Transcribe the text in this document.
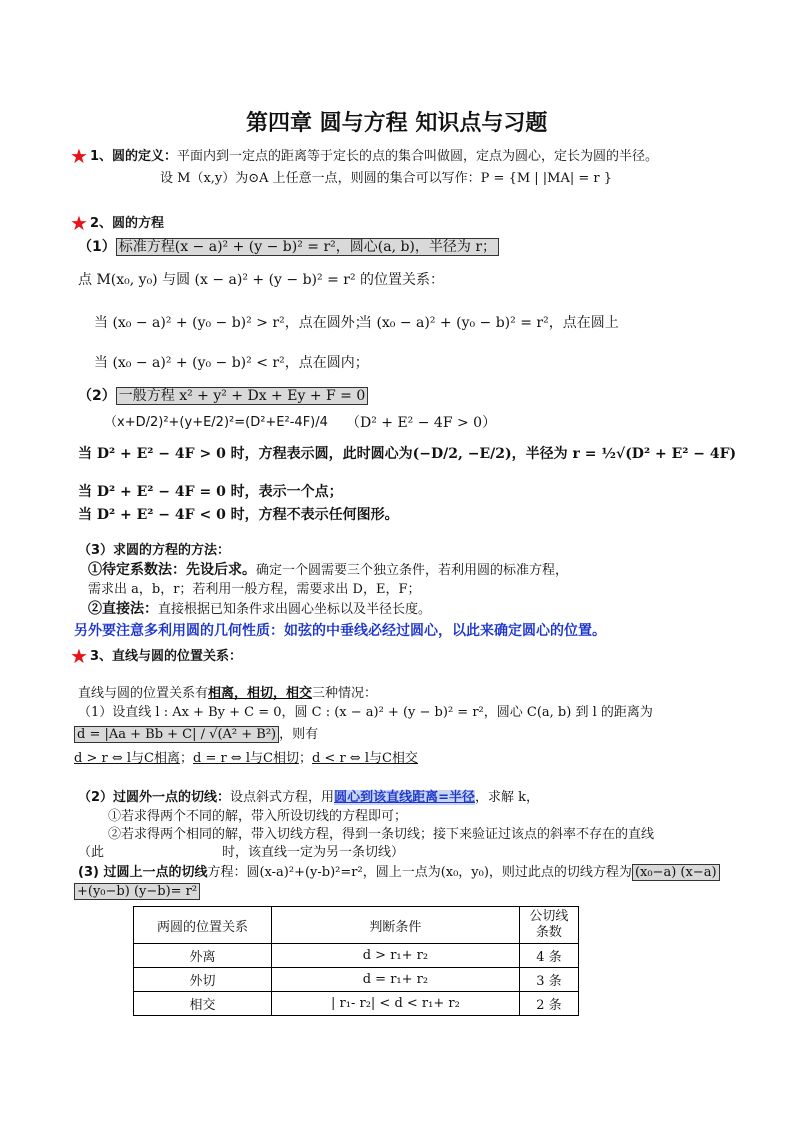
第四章 圆与方程 知识点与习题
★ 1、圆的定义：平面内到一定点的距离等于定长的点的集合叫做圆，定点为圆心，定长为圆的半径。
设 M（x,y）为⊙A 上任意一点，则圆的集合可以写作：P = {M | |MA| = r }
★ 2、圆的方程
（1） 标准方程(x − a)² + (y − b)² = r²，圆心(a, b)，半径为 r；
点 M(x₀, y₀) 与圆 (x − a)² + (y − b)² = r² 的位置关系：
当 (x₀ − a)² + (y₀ − b)² > r²，点在圆外；
当 (x₀ − a)² + (y₀ − b)² = r²，点在圆上
当 (x₀ − a)² + (y₀ − b)² < r²，点在圆内；
（2） 一般方程 x² + y² + Dx + Ey + F = 0
（x+D/2)²+(y+E/2)²=(D²+E²-4F)/4 （D² + E² − 4F > 0）
当 D² + E² − 4F > 0 时，方程表示圆，此时圆心为(−D/2, −E/2)，半径为 r = ½√(D² + E² − 4F)
当 D² + E² − 4F = 0 时，表示一个点；
当 D² + E² − 4F < 0 时，方程不表示任何图形。
（3）求圆的方程的方法：
①待定系数法：先设后求。确定一个圆需要三个独立条件，若利用圆的标准方程，
需求出 a，b，r；若利用一般方程，需要求出 D，E，F；
②直接法：直接根据已知条件求出圆心坐标以及半径长度。
另外要注意多利用圆的几何性质：如弦的中垂线必经过圆心，以此来确定圆心的位置。
★ 3、直线与圆的位置关系：
直线与圆的位置关系有相离，相切，相交三种情况：
（1）设直线 l : Ax + By + C = 0，圆 C : (x − a)² + (y − b)² = r²，圆心 C(a, b) 到 l 的距离为
d = |Aa + Bb + C| / √(A² + B²) ，则有
d > r ⇔ l与C相离；d = r ⇔ l与C相切；d < r ⇔ l与C相交
（2）过圆外一点的切线：设点斜式方程，用圆心到该直线距离=半径，求解 k，
①若求得两个不同的解，带入所设切线的方程即可；
②若求得两个相同的解，带入切线方程，得到一条切线；接下来验证过该点的斜率不存在的直线
（此	时，该直线一定为另一条切线）
(3) 过圆上一点的切线方程：圆(x-a)²+(y-b)²=r²，圆上一点为(x₀，y₀)，则过此点的切线方程为 (x₀−a) (x−a)
+(y₀−b) (y−b)= r²
两圆的位置关系	判断条件	公切线条数
外离	d > r₁+ r₂	4 条
外切	d = r₁+ r₂	3 条
相交	| r₁- r₂| < d < r₁+ r₂	2 条
